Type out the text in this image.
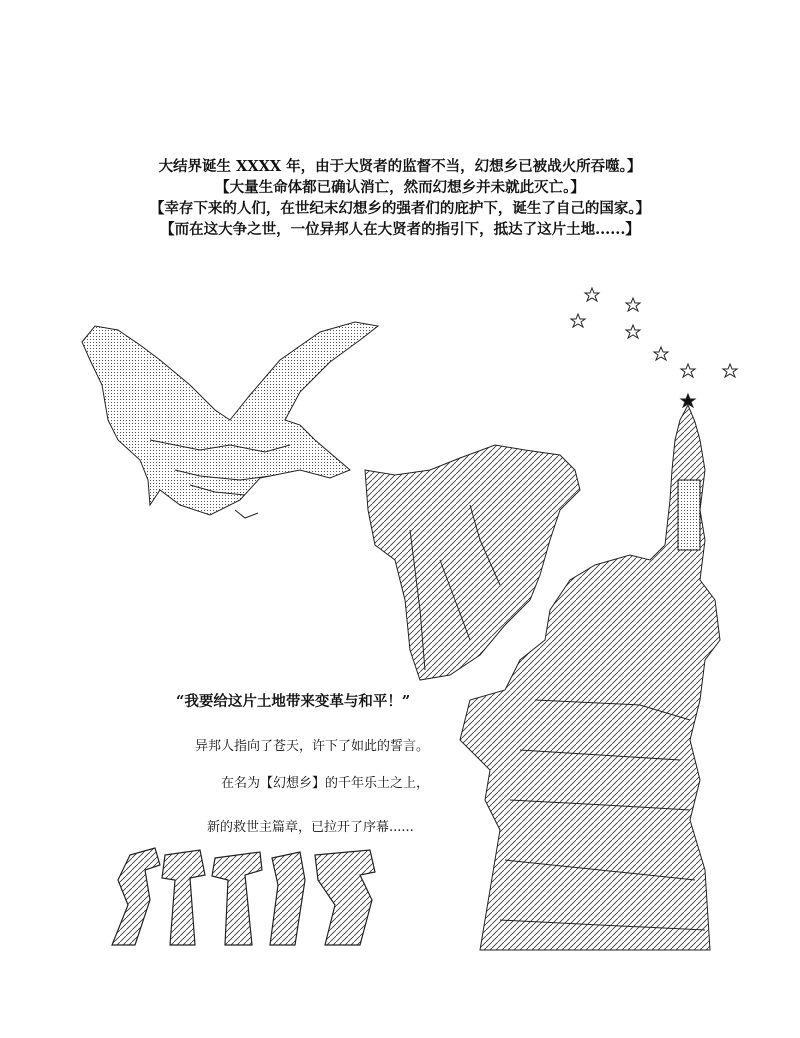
大结界诞生 XXXX 年，由于大贤者的监督不当，幻想乡已被战火所吞噬。】
【大量生命体都已确认消亡，然而幻想乡并未就此灭亡。】
【幸存下来的人们，在世纪末幻想乡的强者们的庇护下，诞生了自己的国家。】
【而在这大争之世，一位异邦人在大贤者的指引下，抵达了这片土地......】
“我要给这片土地带来变革与和平！”
异邦人指向了苍天，许下了如此的誓言。
在名为【幻想乡】的千年乐土之上，
新的救世主篇章，已拉开了序幕......
